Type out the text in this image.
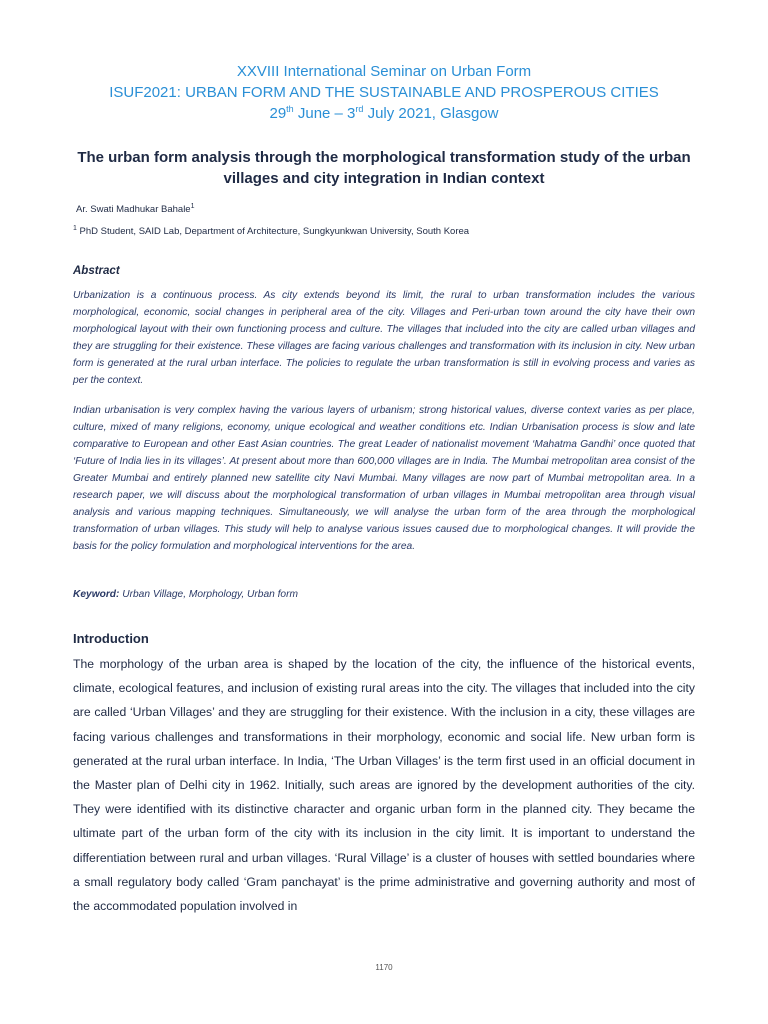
XXVIII International Seminar on Urban Form
ISUF2021: URBAN FORM AND THE SUSTAINABLE AND PROSPEROUS CITIES
29th June – 3rd July 2021, Glasgow
The urban form analysis through the morphological transformation study of the urban villages and city integration in Indian context
Ar. Swati Madhukar Bahale$^1$
$^1$ PhD Student, SAID Lab, Department of Architecture, Sungkyunkwan University, South Korea
Abstract
Urbanization is a continuous process. As city extends beyond its limit, the rural to urban transformation includes the various morphological, economic, social changes in peripheral area of the city. Villages and Peri-urban town around the city have their own morphological layout with their own functioning process and culture. The villages that included into the city are called urban villages and they are struggling for their existence. These villages are facing various challenges and transformation with its inclusion in city. New urban form is generated at the rural urban interface. The policies to regulate the urban transformation is still in evolving process and varies as per the context.
Indian urbanisation is very complex having the various layers of urbanism; strong historical values, diverse context varies as per place, culture, mixed of many religions, economy, unique ecological and weather conditions etc. Indian Urbanisation process is slow and late comparative to European and other East Asian countries. The great Leader of nationalist movement ‘Mahatma Gandhi’ once quoted that ‘Future of India lies in its villages’. At present about more than 600,000 villages are in India. The Mumbai metropolitan area consist of the Greater Mumbai and entirely planned new satellite city Navi Mumbai. Many villages are now part of Mumbai metropolitan area. In a research paper, we will discuss about the morphological transformation of urban villages in Mumbai metropolitan area through visual analysis and various mapping techniques. Simultaneously, we will analyse the urban form of the area through the morphological transformation of urban villages. This study will help to analyse various issues caused due to morphological changes. It will provide the basis for the policy formulation and morphological interventions for the area.
Keyword: Urban Village, Morphology, Urban form
Introduction
The morphology of the urban area is shaped by the location of the city, the influence of the historical events, climate, ecological features, and inclusion of existing rural areas into the city. The villages that included into the city are called ‘Urban Villages’ and they are struggling for their existence. With the inclusion in a city, these villages are facing various challenges and transformations in their morphology, economic and social life. New urban form is generated at the rural urban interface. In India, ‘The Urban Villages’ is the term first used in an official document in the Master plan of Delhi city in 1962. Initially, such areas are ignored by the development authorities of the city. They were identified with its distinctive character and organic urban form in the planned city. They became the ultimate part of the urban form of the city with its inclusion in the city limit. It is important to understand the differentiation between rural and urban villages. ‘Rural Village’ is a cluster of houses with settled boundaries where a small regulatory body called ‘Gram panchayat’ is the prime administrative and governing authority and most of the accommodated population involved in
1170
